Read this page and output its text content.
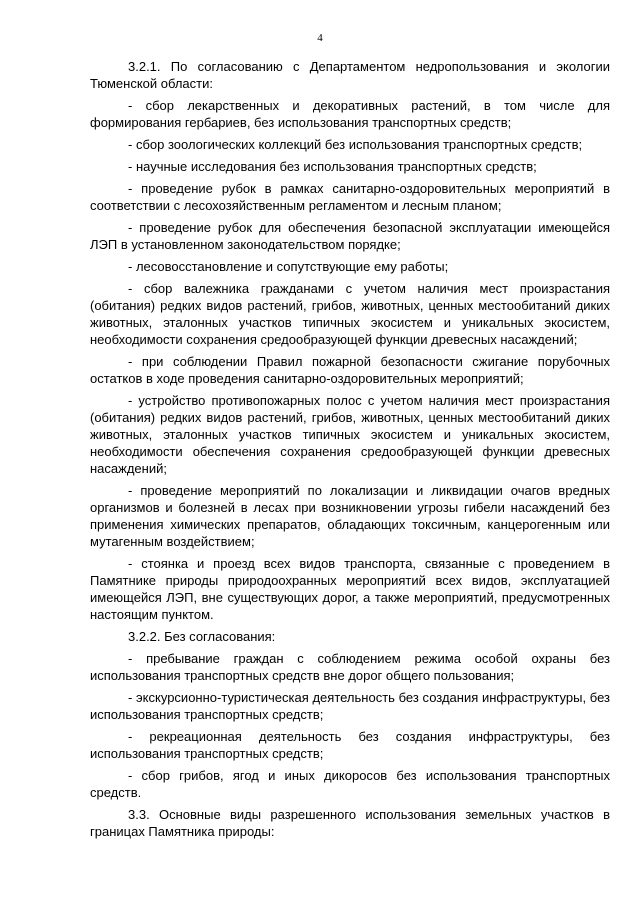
4

3.2.1. По согласованию с Департаментом недропользования и экологии Тюменской области:

- сбор лекарственных и декоративных растений, в том числе для формирования гербариев, без использования транспортных средств;

- сбор зоологических коллекций без использования транспортных средств;

- научные исследования без использования транспортных средств;

- проведение рубок в рамках санитарно-оздоровительных мероприятий в соответствии с лесохозяйственным регламентом и лесным планом;

- проведение рубок для обеспечения безопасной эксплуатации имеющейся ЛЭП в установленном законодательством порядке;

- лесовосстановление и сопутствующие ему работы;

- сбор валежника гражданами с учетом наличия мест произрастания (обитания) редких видов растений, грибов, животных, ценных местообитаний диких животных, эталонных участков типичных экосистем и уникальных экосистем, необходимости сохранения средообразующей функции древесных насаждений;

- при соблюдении Правил пожарной безопасности сжигание порубочных остатков в ходе проведения санитарно-оздоровительных мероприятий;

- устройство противопожарных полос с учетом наличия мест произрастания (обитания) редких видов растений, грибов, животных, ценных местообитаний диких животных, эталонных участков типичных экосистем и уникальных экосистем, необходимости обеспечения сохранения средообразующей функции древесных насаждений;

- проведение мероприятий по локализации и ликвидации очагов вредных организмов и болезней в лесах при возникновении угрозы гибели насаждений без применения химических препаратов, обладающих токсичным, канцерогенным или мутагенным воздействием;

- стоянка и проезд всех видов транспорта, связанные с проведением в Памятнике природы природоохранных мероприятий всех видов, эксплуатацией имеющейся ЛЭП, вне существующих дорог, а также мероприятий, предусмотренных настоящим пунктом.

3.2.2. Без согласования:

- пребывание граждан с соблюдением режима особой охраны без использования транспортных средств вне дорог общего пользования;

- экскурсионно-туристическая деятельность без создания инфраструктуры, без использования транспортных средств;

- рекреационная деятельность без создания инфраструктуры, без использования транспортных средств;

- сбор грибов, ягод и иных дикоросов без использования транспортных средств.

3.3. Основные виды разрешенного использования земельных участков в границах Памятника природы:
